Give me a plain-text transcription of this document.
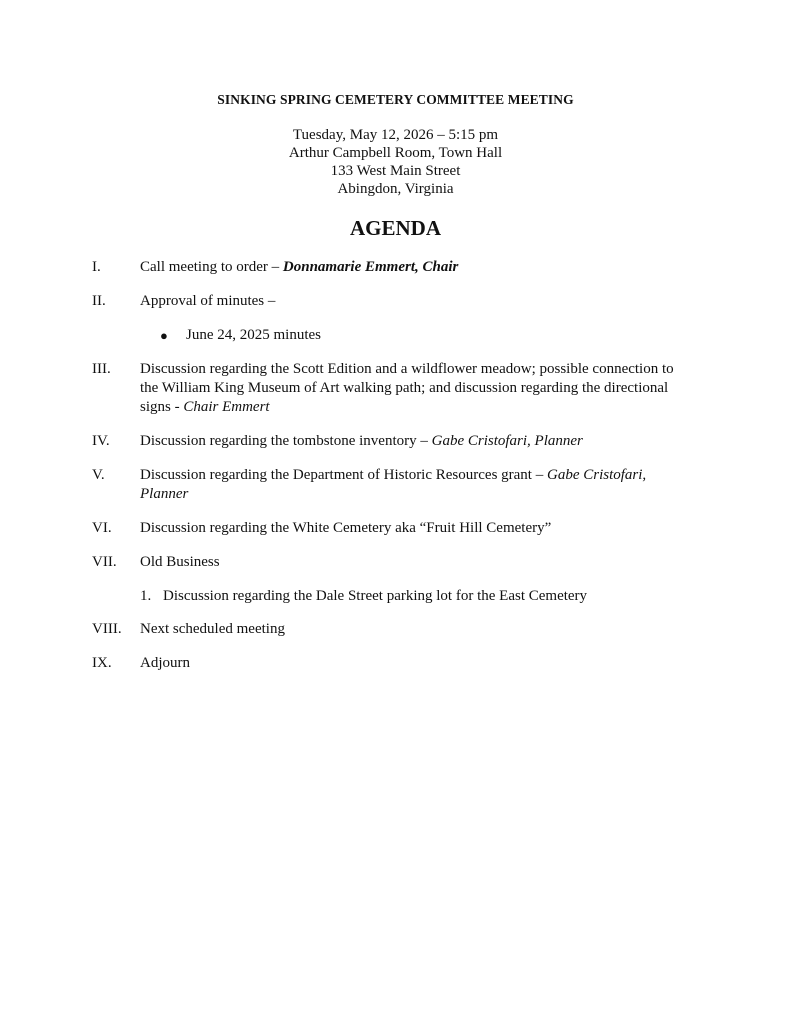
SINKING SPRING CEMETERY COMMITTEE MEETING
Tuesday, May 12, 2026 – 5:15 pm
Arthur Campbell Room, Town Hall
133 West Main Street
Abingdon, Virginia
AGENDA
I.	Call meeting to order – Donnamarie Emmert, Chair
II. Approval of minutes –
● June 24, 2025 minutes
III. Discussion regarding the Scott Edition and a wildflower meadow; possible connection to
the William King Museum of Art walking path; and discussion regarding the directional
signs - Chair Emmert
IV. Discussion regarding the tombstone inventory – Gabe Cristofari, Planner
V. Discussion regarding the Department of Historic Resources grant – Gabe Cristofari,
Planner
VI. Discussion regarding the White Cemetery aka “Fruit Hill Cemetery”
VII. Old Business
1. Discussion regarding the Dale Street parking lot for the East Cemetery
VIII. Next scheduled meeting
IX. Adjourn
